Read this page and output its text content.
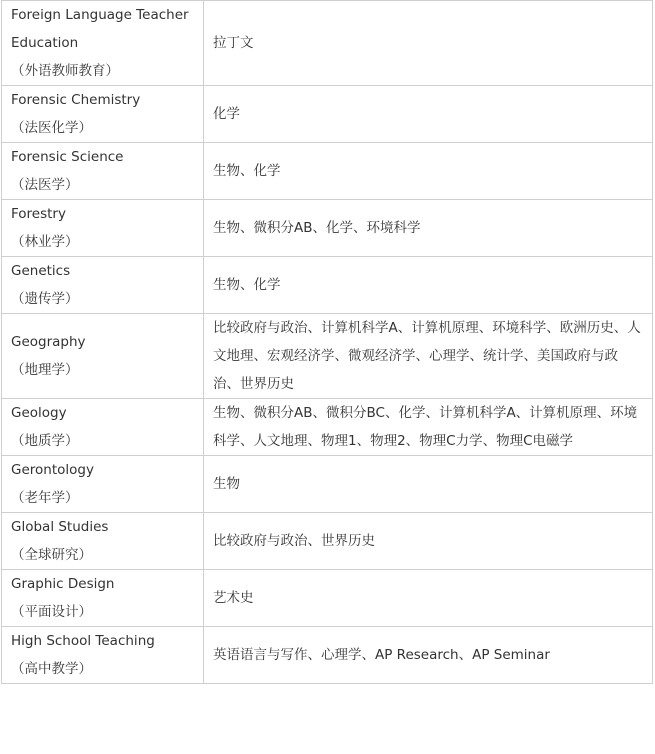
Foreign Language Teacher Education
（外语教师教育）	拉丁文

Forensic Chemistry
（法医化学）	化学

Forensic Science
（法医学）	生物、化学

Forestry
（林业学）	生物、微积分AB、化学、环境科学

Genetics
（遗传学）	生物、化学

Geography
（地理学）	比较政府与政治、计算机科学A、计算机原理、环境科学、欧洲历史、人文地理、宏观经济学、微观经济学、心理学、统计学、美国政府与政治、世界历史

Geology
（地质学）	生物、微积分AB、微积分BC、化学、计算机科学A、计算机原理、环境科学、人文地理、物理1、物理2、物理C力学、物理C电磁学

Gerontology
（老年学）	生物

Global Studies
（全球研究）	比较政府与政治、世界历史

Graphic Design
（平面设计）	艺术史

High School Teaching
（高中教学）	英语语言与写作、心理学、AP Research、AP Seminar
